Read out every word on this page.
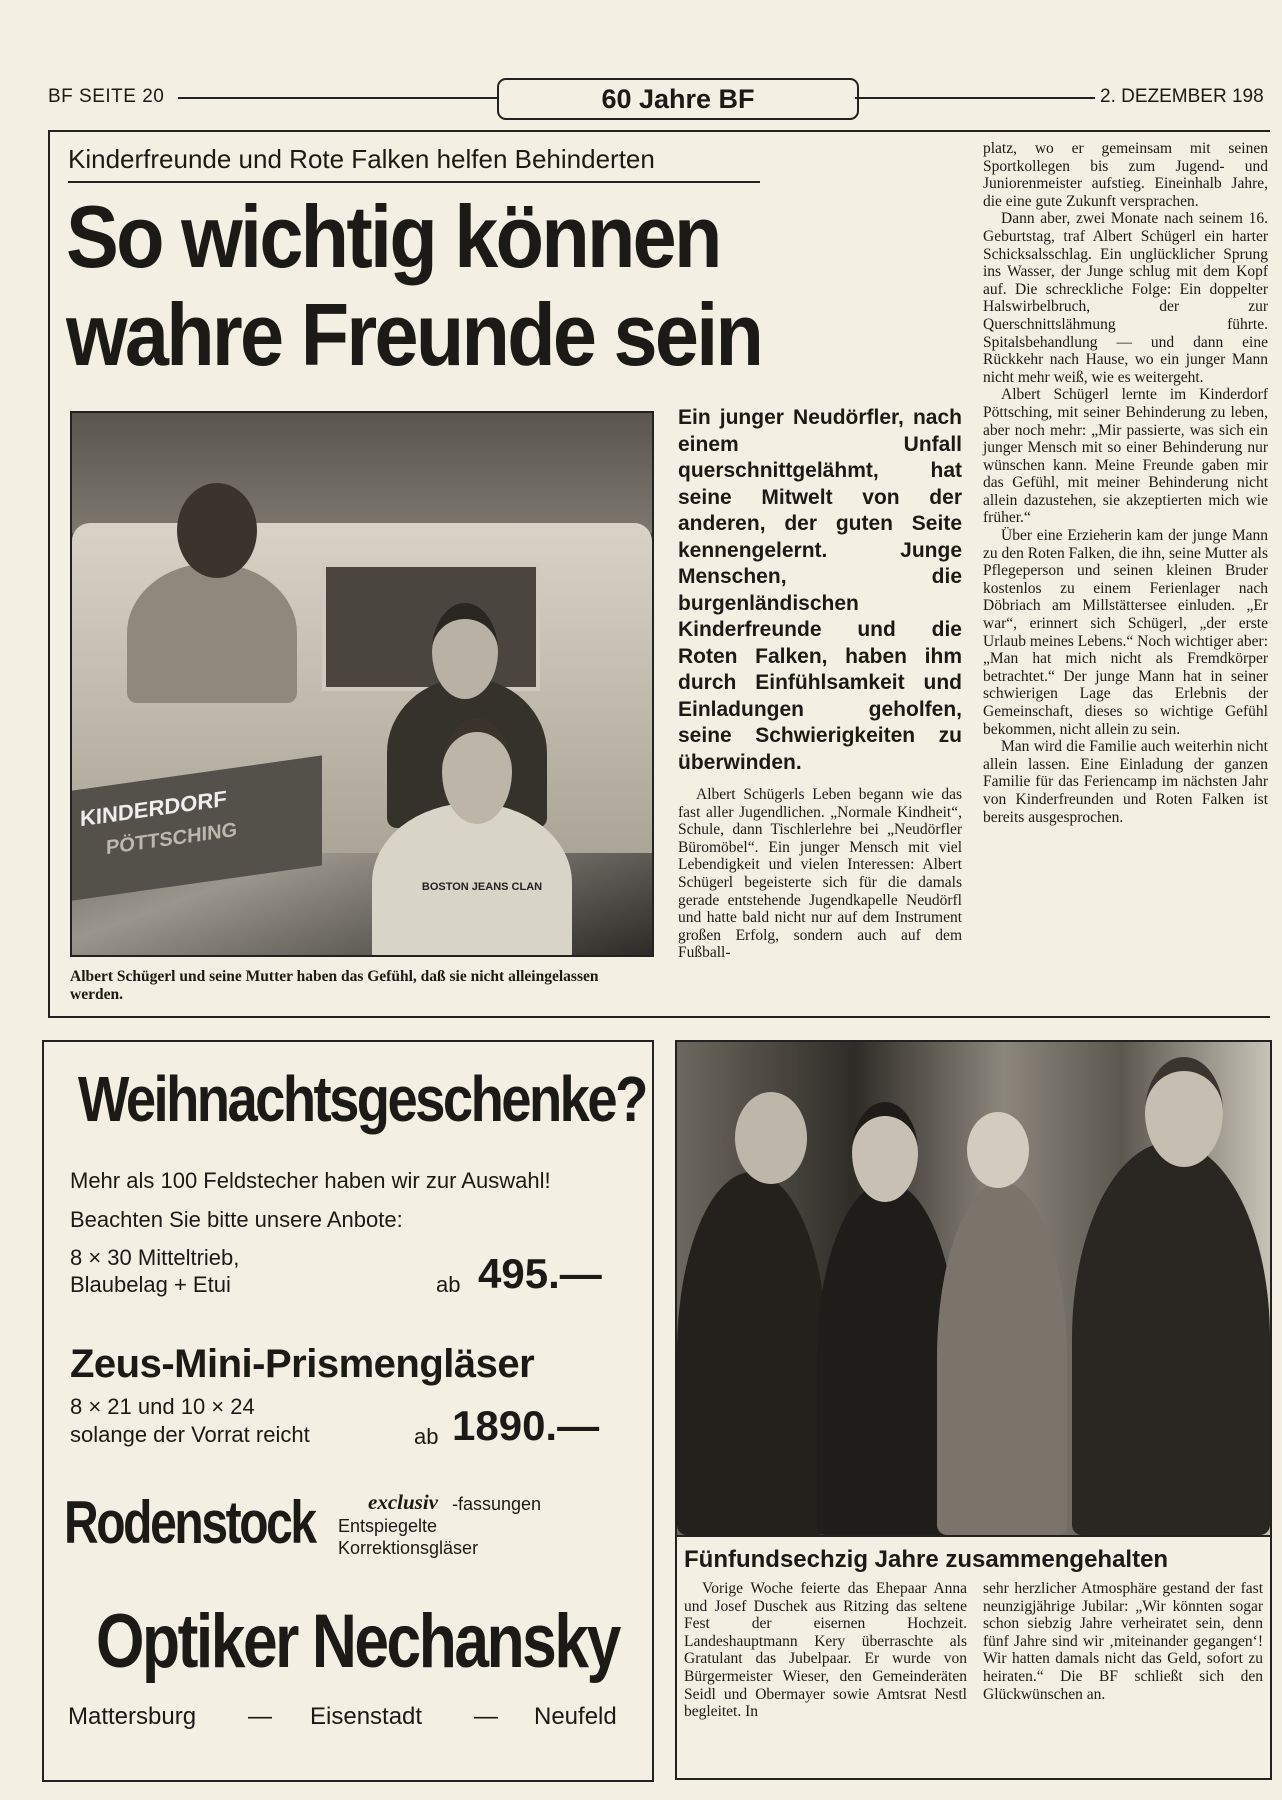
BF SEITE 20	60 Jahre BF	2. DEZEMBER 198
Kinderfreunde und Rote Falken helfen Behinderten
So wichtig können
wahre Freunde sein
KINDERDORF
PÖTTSCHING
BOSTON JEANS CLAN
Albert Schügerl und seine Mutter haben das Gefühl, daß sie nicht alleingelassen werden.
Ein junger Neudörfler, nach einem Unfall querschnittgelähmt, hat seine Mitwelt von der anderen, der guten Seite kennengelernt. Junge Menschen, die burgenländischen Kinderfreunde und die Roten Falken, haben ihm durch Einfühlsamkeit und Einladungen geholfen, seine Schwierigkeiten zu überwinden.

Albert Schügerls Leben begann wie das fast aller Jugendlichen. „Normale Kindheit“, Schule, dann Tischlerlehre bei „Neudörfler Büromöbel“. Ein junger Mensch mit viel Lebendigkeit und vielen Interessen: Albert Schügerl begeisterte sich für die damals gerade entstehende Jugendkapelle Neudörfl und hatte bald nicht nur auf dem Instrument großen Erfolg, sondern auch auf dem Fußball-

platz, wo er gemeinsam mit seinen Sportkollegen bis zum Jugend- und Juniorenmeister aufstieg. Eineinhalb Jahre, die eine gute Zukunft versprachen.

Dann aber, zwei Monate nach seinem 16. Geburtstag, traf Albert Schügerl ein harter Schicksalsschlag. Ein unglücklicher Sprung ins Wasser, der Junge schlug mit dem Kopf auf. Die schreckliche Folge: Ein doppelter Halswirbelbruch, der zur Querschnittslähmung führte. Spitalsbehandlung — und dann eine Rückkehr nach Hause, wo ein junger Mann nicht mehr weiß, wie es weitergeht.

Albert Schügerl lernte im Kinderdorf Pöttsching, mit seiner Behinderung zu leben, aber noch mehr: „Mir passierte, was sich ein junger Mensch mit so einer Behinderung nur wünschen kann. Meine Freunde gaben mir das Gefühl, mit meiner Behinderung nicht allein dazustehen, sie akzeptierten mich wie früher.“

Über eine Erzieherin kam der junge Mann zu den Roten Falken, die ihn, seine Mutter als Pflegeperson und seinen kleinen Bruder kostenlos zu einem Ferienlager nach Döbriach am Millstättersee einluden. „Er war“, erinnert sich Schügerl, „der erste Urlaub meines Lebens.“ Noch wichtiger aber: „Man hat mich nicht als Fremdkörper betrachtet.“ Der junge Mann hat in seiner schwierigen Lage das Erlebnis der Gemeinschaft, dieses so wichtige Gefühl bekommen, nicht allein zu sein.

Man wird die Familie auch weiterhin nicht allein lassen. Eine Einladung der ganzen Familie für das Feriencamp im nächsten Jahr von Kinderfreunden und Roten Falken ist bereits ausgesprochen.

Weihnachtsgeschenke?
Mehr als 100 Feldstecher haben wir zur Auswahl!
Beachten Sie bitte unsere Anbote:
8 × 30 Mitteltrieb,
Blaubelag + Etui	ab 495.—
Zeus-Mini-Prismengläser
8 × 21 und 10 × 24
solange der Vorrat reicht	ab 1890.—
Rodenstock	exclusiv -fassungen
Entspiegelte
Korrektionsgläser
Optiker Nechansky
Mattersburg — Eisenstadt — Neufeld
Fünfundsechzig Jahre zusammengehalten

Vorige Woche feierte das Ehepaar Anna und Josef Duschek aus Ritzing das seltene Fest der eisernen Hochzeit. Landeshauptmann Kery überraschte als Gratulant das Jubelpaar. Er wurde von Bürgermeister Wieser, den Gemeinderäten Seidl und Obermayer sowie Amtsrat Nestl begleitet. In

sehr herzlicher Atmosphäre gestand der fast neunzigjährige Jubilar: „Wir könnten sogar schon siebzig Jahre verheiratet sein, denn fünf Jahre sind wir ‚miteinander gegangen‘! Wir hatten damals nicht das Geld, sofort zu heiraten.“ Die BF schließt sich den Glückwünschen an.
